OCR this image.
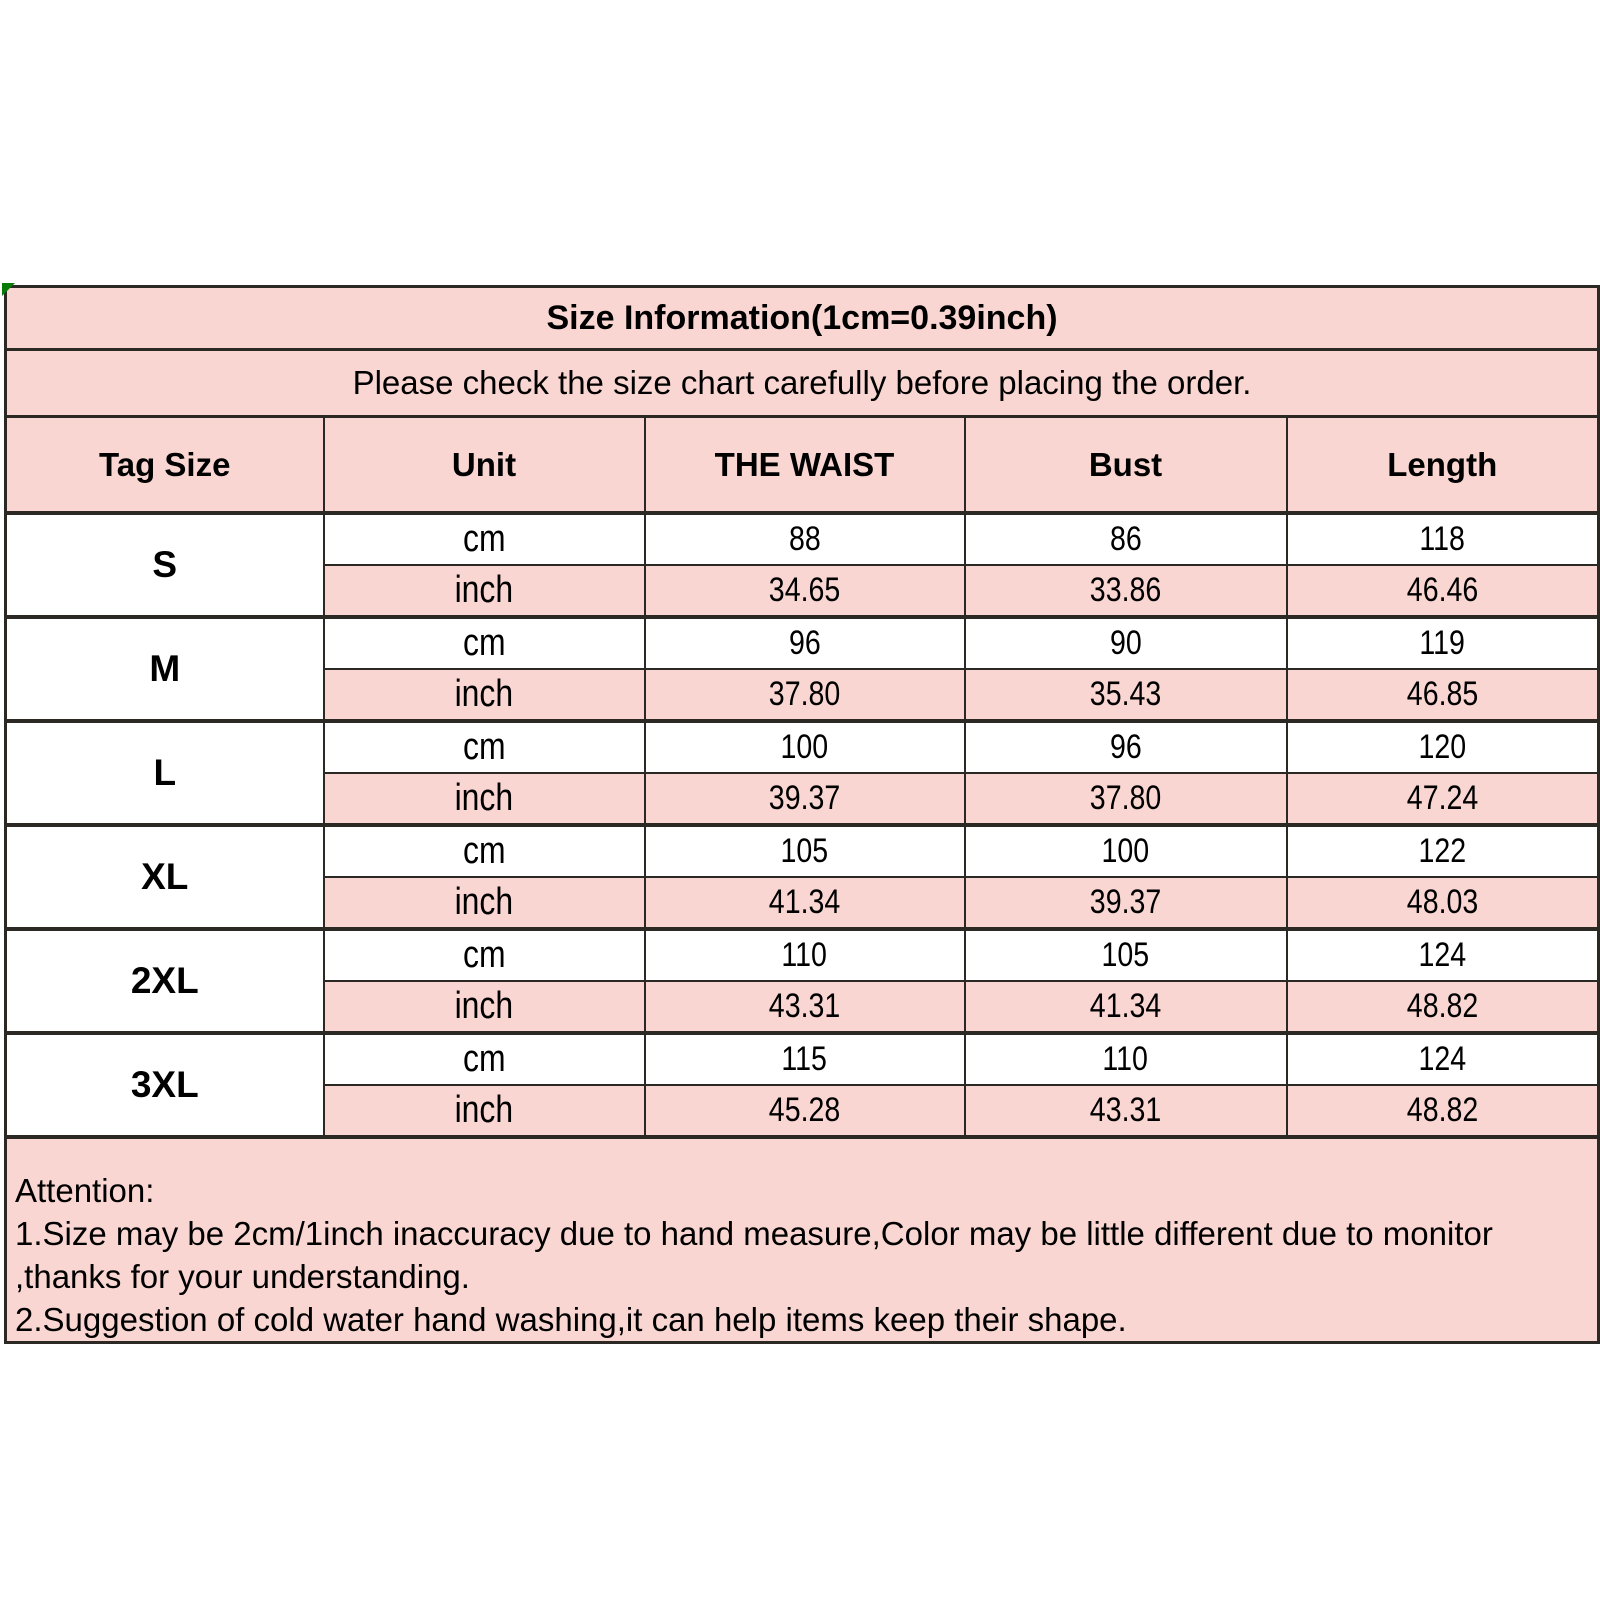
Size Information(1cm=0.39inch)				
Please check the size chart carefully before placing the order.				
Tag Size	Unit	THE WAIST	Bust	Length
S	cm	88	86	118
	inch	34.65	33.86	46.46
M	cm	96	90	119
	inch	37.80	35.43	46.85
L	cm	100	96	120
	inch	39.37	37.80	47.24
XL	cm	105	100	122
	inch	41.34	39.37	48.03
2XL	cm	110	105	124
	inch	43.31	41.34	48.82
3XL	cm	115	110	124
	inch	45.28	43.31	48.82

Attention:
1.Size may be 2cm/1inch inaccuracy due to hand measure,Color may be little different due to monitor
,thanks for your understanding.
2.Suggestion of cold water hand washing,it can help items keep their shape.				
